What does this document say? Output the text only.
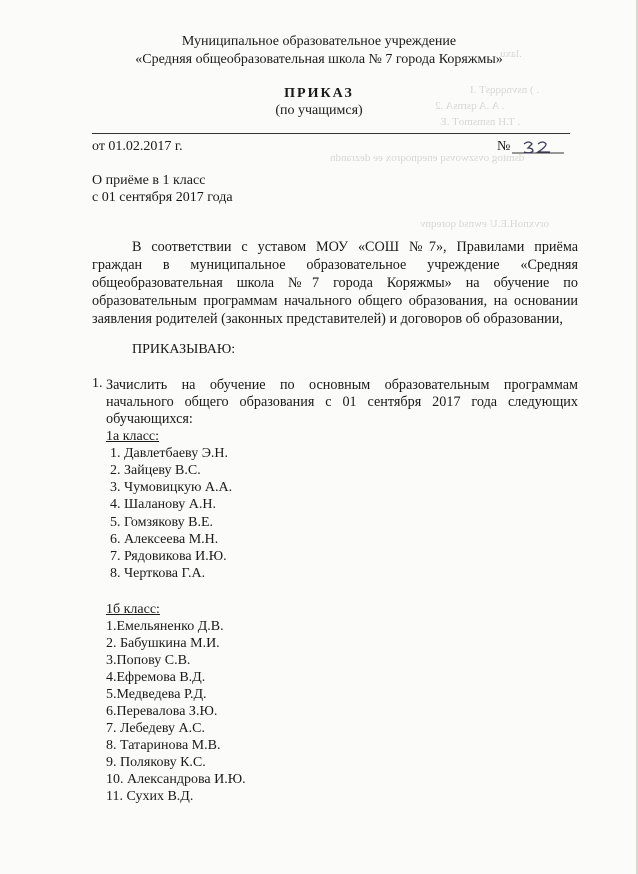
.laxu
. ) nsvnqqqsT .I
. A .A qsrnsA .2
. T.H nsmsmoT .E
dsmtog ovszwovsq eneqnoqrox ee dezrandn
orvxnoH.E.U ewnsd qoreqnv
Муниципальное образовательное учреждение
«Средняя общеобразовательная школа № 7 города Коряжмы»
ПРИКАЗ
(по учащимся)
от 01.02.2017 г.	№
О приёме в 1 класс
с 01 сентября 2017 года
В соответствии с уставом МОУ «СОШ №7», Правилами приёма
граждан в муниципальное образовательное учреждение «Средняя
общеобразовательная школа №7 города Коряжмы» на обучение по
образовательным программам начального общего образования, на основании
заявления родителей (законных представителей) и договоров об образовании,
ПРИКАЗЫВАЮ:
1. Зачислить на обучение по основным образовательным программам
начального общего образования с 01 сентября 2017 года следующих
обучающихся:
1а класс:
1. Давлетбаеву Э.Н.
2. Зайцеву В.С.
3. Чумовицкую А.А.
4. Шаланову А.Н.
5. Гомзякову В.Е.
6. Алексеева М.Н.
7. Рядовикова И.Ю.
8. Черткова Г.А.
1б класс:
1.Емельяненко Д.В.
2. Бабушкина М.И.
3.Попову С.В.
4.Ефремова В.Д.
5.Медведева Р.Д.
6.Перевалова З.Ю.
7. Лебедеву А.С.
8. Татаринова М.В.
9. Полякову К.С.
10. Александрова И.Ю.
11. Сухих В.Д.
